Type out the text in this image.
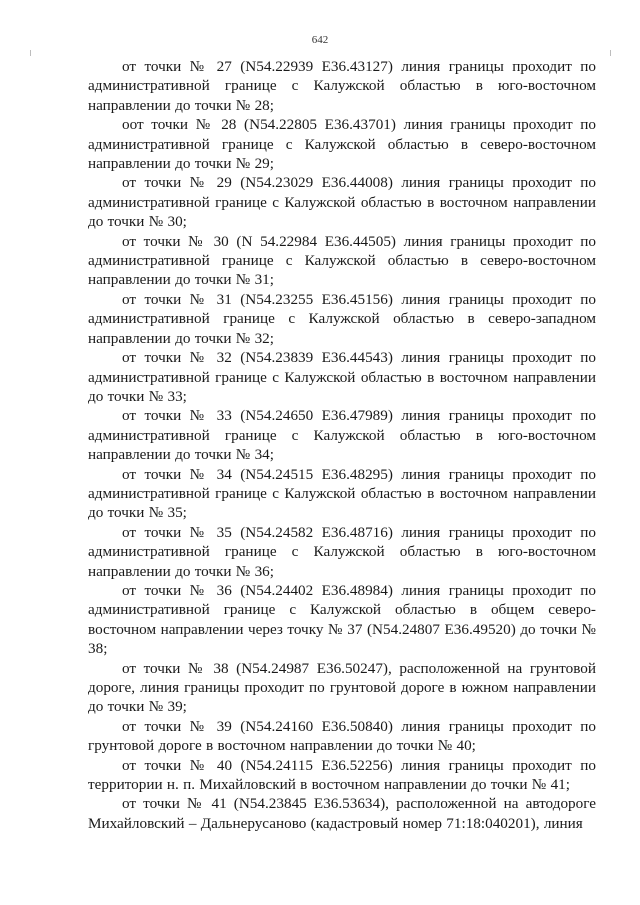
642

от точки № 27 (N54.22939 E36.43127) линия границы проходит по административной границе с Калужской областью в юго-восточном направлении до точки № 28;

оот точки № 28 (N54.22805 E36.43701) линия границы проходит по административной границе с Калужской областью в северо-восточном направлении до точки № 29;

от точки № 29 (N54.23029 E36.44008) линия границы проходит по административной границе с Калужской областью в восточном направлении до точки № 30;

от точки № 30 (N 54.22984 E36.44505) линия границы проходит по административной границе с Калужской областью в северо-восточном направлении до точки № 31;

от точки № 31 (N54.23255 E36.45156) линия границы проходит по административной границе с Калужской областью в северо-западном направлении до точки № 32;

от точки № 32 (N54.23839 E36.44543) линия границы проходит по административной границе с Калужской областью в восточном направлении до точки № 33;

от точки № 33 (N54.24650 E36.47989) линия границы проходит по административной границе с Калужской областью в юго-восточном направлении до точки № 34;

от точки № 34 (N54.24515 E36.48295) линия границы проходит по административной границе с Калужской областью в восточном направлении до точки № 35;

от точки № 35 (N54.24582 E36.48716) линия границы проходит по административной границе с Калужской областью в юго-восточном направлении до точки № 36;

от точки № 36 (N54.24402 E36.48984) линия границы проходит по административной границе с Калужской областью в общем северо-восточном направлении через точку № 37 (N54.24807 E36.49520) до точки № 38;

от точки № 38 (N54.24987 E36.50247), расположенной на грунтовой дороге, линия границы проходит по грунтовой дороге в южном направлении до точки № 39;

от точки № 39 (N54.24160 E36.50840) линия границы проходит по грунтовой дороге в восточном направлении до точки № 40;

от точки № 40 (N54.24115 E36.52256) линия границы проходит по территории н. п. Михайловский в восточном направлении до точки № 41;

от точки № 41 (N54.23845 E36.53634), расположенной на автодороге Михайловский – Дальнерусаново (кадастровый номер 71:18:040201), линия
